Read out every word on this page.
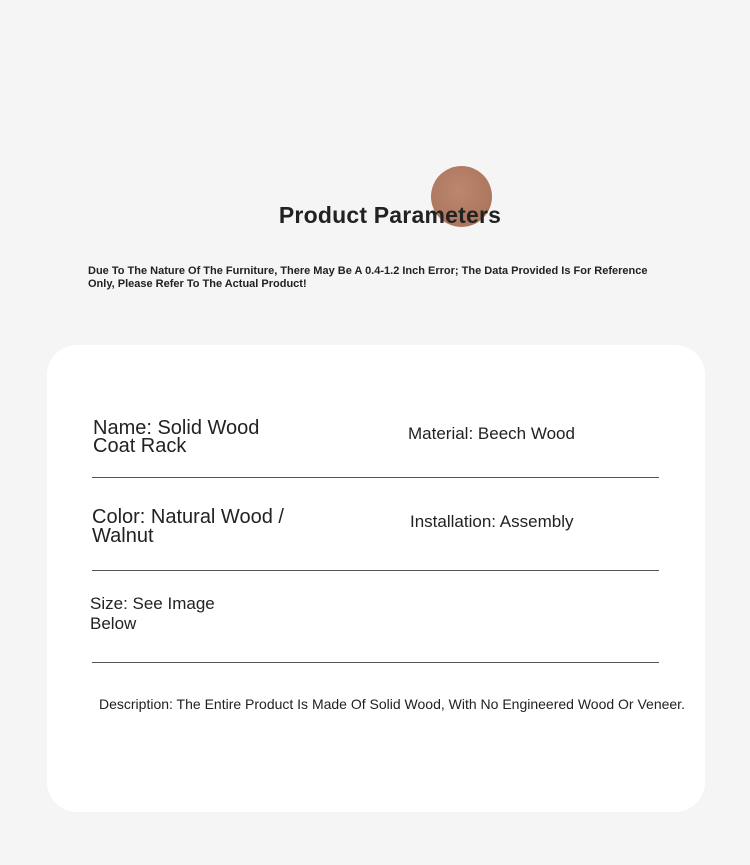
Product Parameters
Due To The Nature Of The Furniture, There May Be A 0.4-1.2 Inch Error; The Data Provided Is For Reference Only, Please Refer To The Actual Product!
Name: Solid Wood Coat Rack
Material: Beech Wood
Color: Natural Wood / Walnut
Installation: Assembly
Size: See Image Below
Description: The Entire Product Is Made Of Solid Wood, With No Engineered Wood Or Veneer.
